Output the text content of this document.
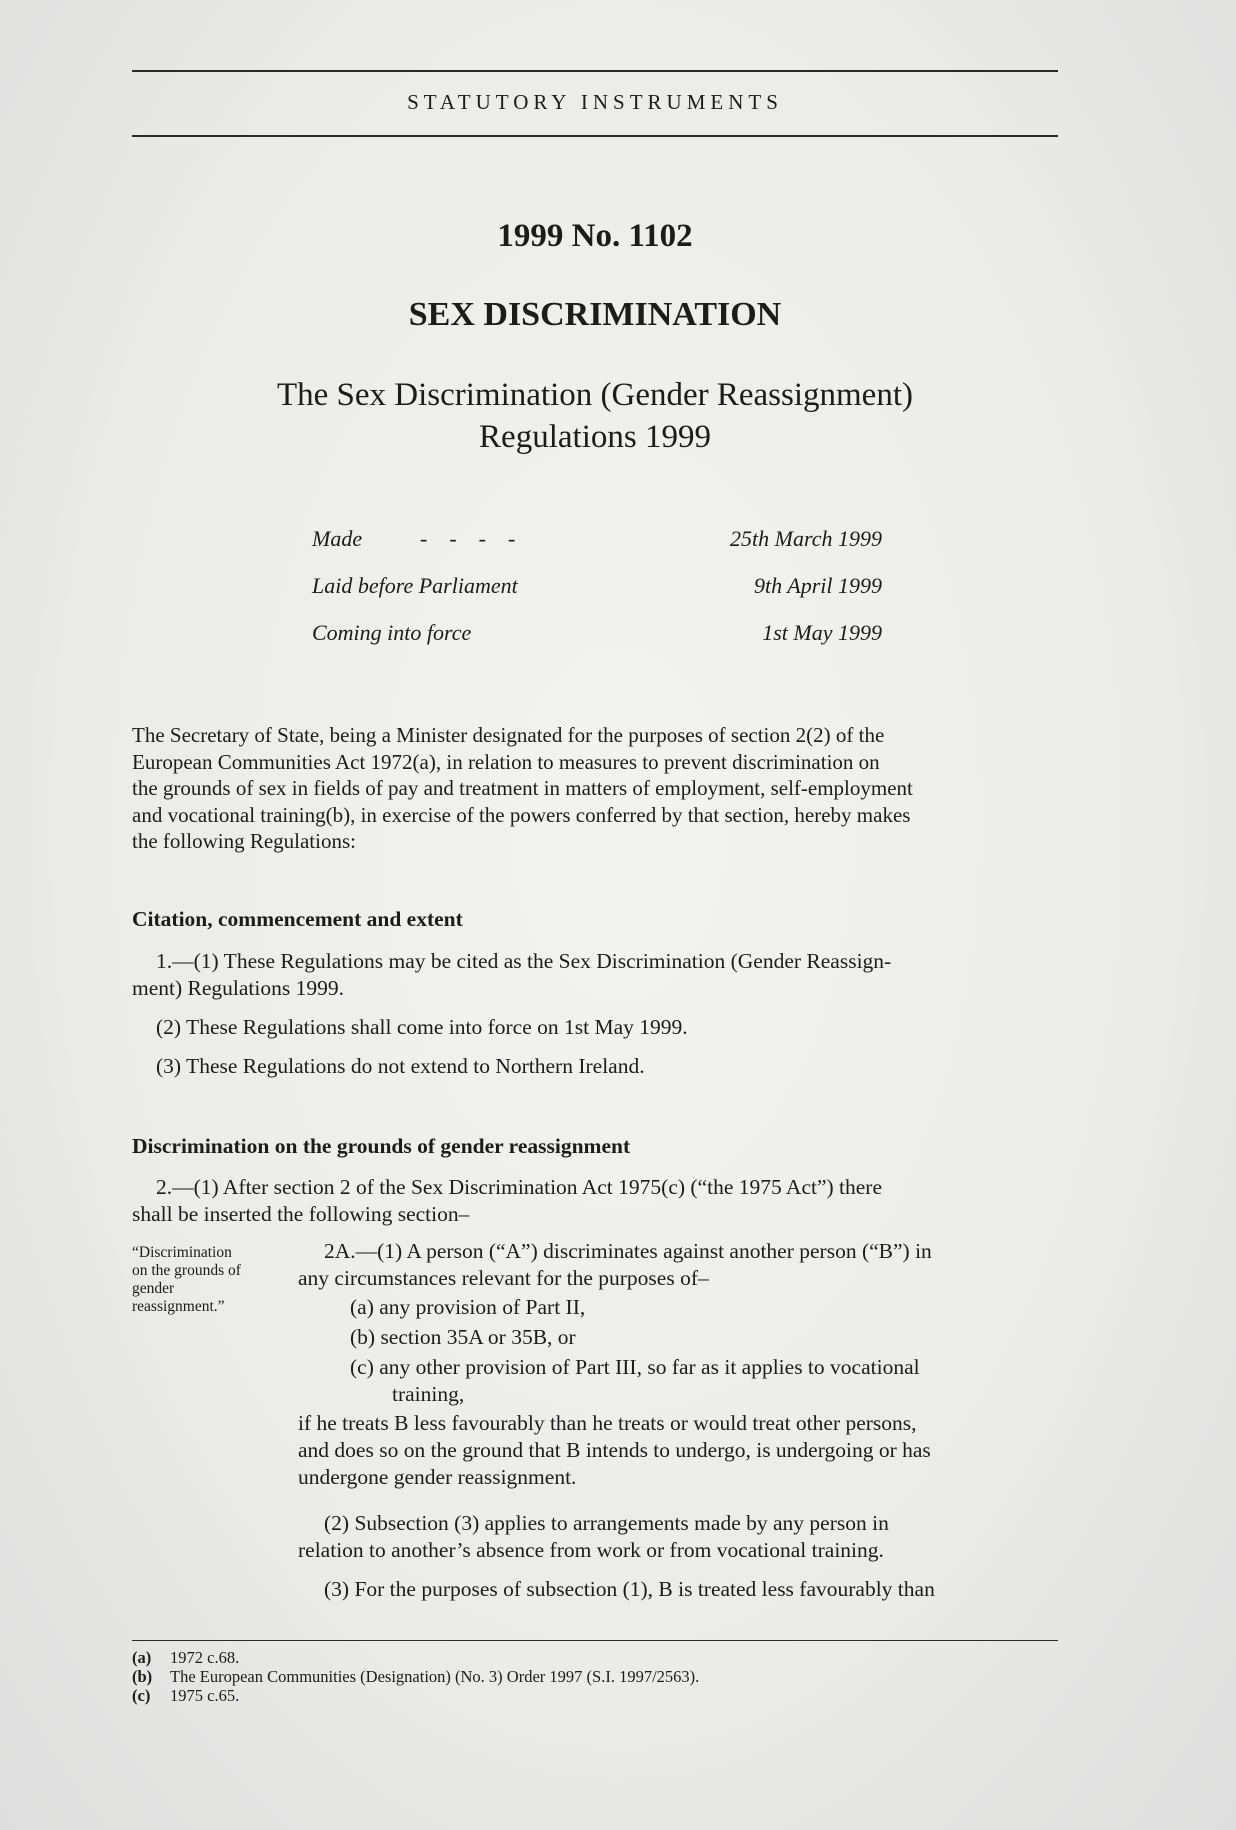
STATUTORY INSTRUMENTS
1999 No. 1102
SEX DISCRIMINATION
The Sex Discrimination (Gender Reassignment)
Regulations 1999
Made	-    -    -    -	25th March 1999
Laid before Parliament	9th April 1999
Coming into force	1st May 1999
The Secretary of State, being a Minister designated for the purposes of section 2(2) of the
European Communities Act 1972(a), in relation to measures to prevent discrimination on
the grounds of sex in fields of pay and treatment in matters of employment, self-employment
and vocational training(b), in exercise of the powers conferred by that section, hereby makes
the following Regulations:
Citation, commencement and extent
1.—(1) These Regulations may be cited as the Sex Discrimination (Gender Reassign-
ment) Regulations 1999.
(2) These Regulations shall come into force on 1st May 1999.
(3) These Regulations do not extend to Northern Ireland.
Discrimination on the grounds of gender reassignment
2.—(1) After section 2 of the Sex Discrimination Act 1975(c) (“the 1975 Act”) there
shall be inserted the following section–
“Discrimination
on the grounds of
gender
reassignment.”
2A.—(1) A person (“A”) discriminates against another person (“B”) in
any circumstances relevant for the purposes of–
(a) any provision of Part II,
(b) section 35A or 35B, or
(c) any other provision of Part III, so far as it applies to vocational
training,
if he treats B less favourably than he treats or would treat other persons,
and does so on the ground that B intends to undergo, is undergoing or has
undergone gender reassignment.
(2) Subsection (3) applies to arrangements made by any person in
relation to another’s absence from work or from vocational training.
(3) For the purposes of subsection (1), B is treated less favourably than
(a) 1972 c.68.
(b) The European Communities (Designation) (No. 3) Order 1997 (S.I. 1997/2563).
(c) 1975 c.65.
